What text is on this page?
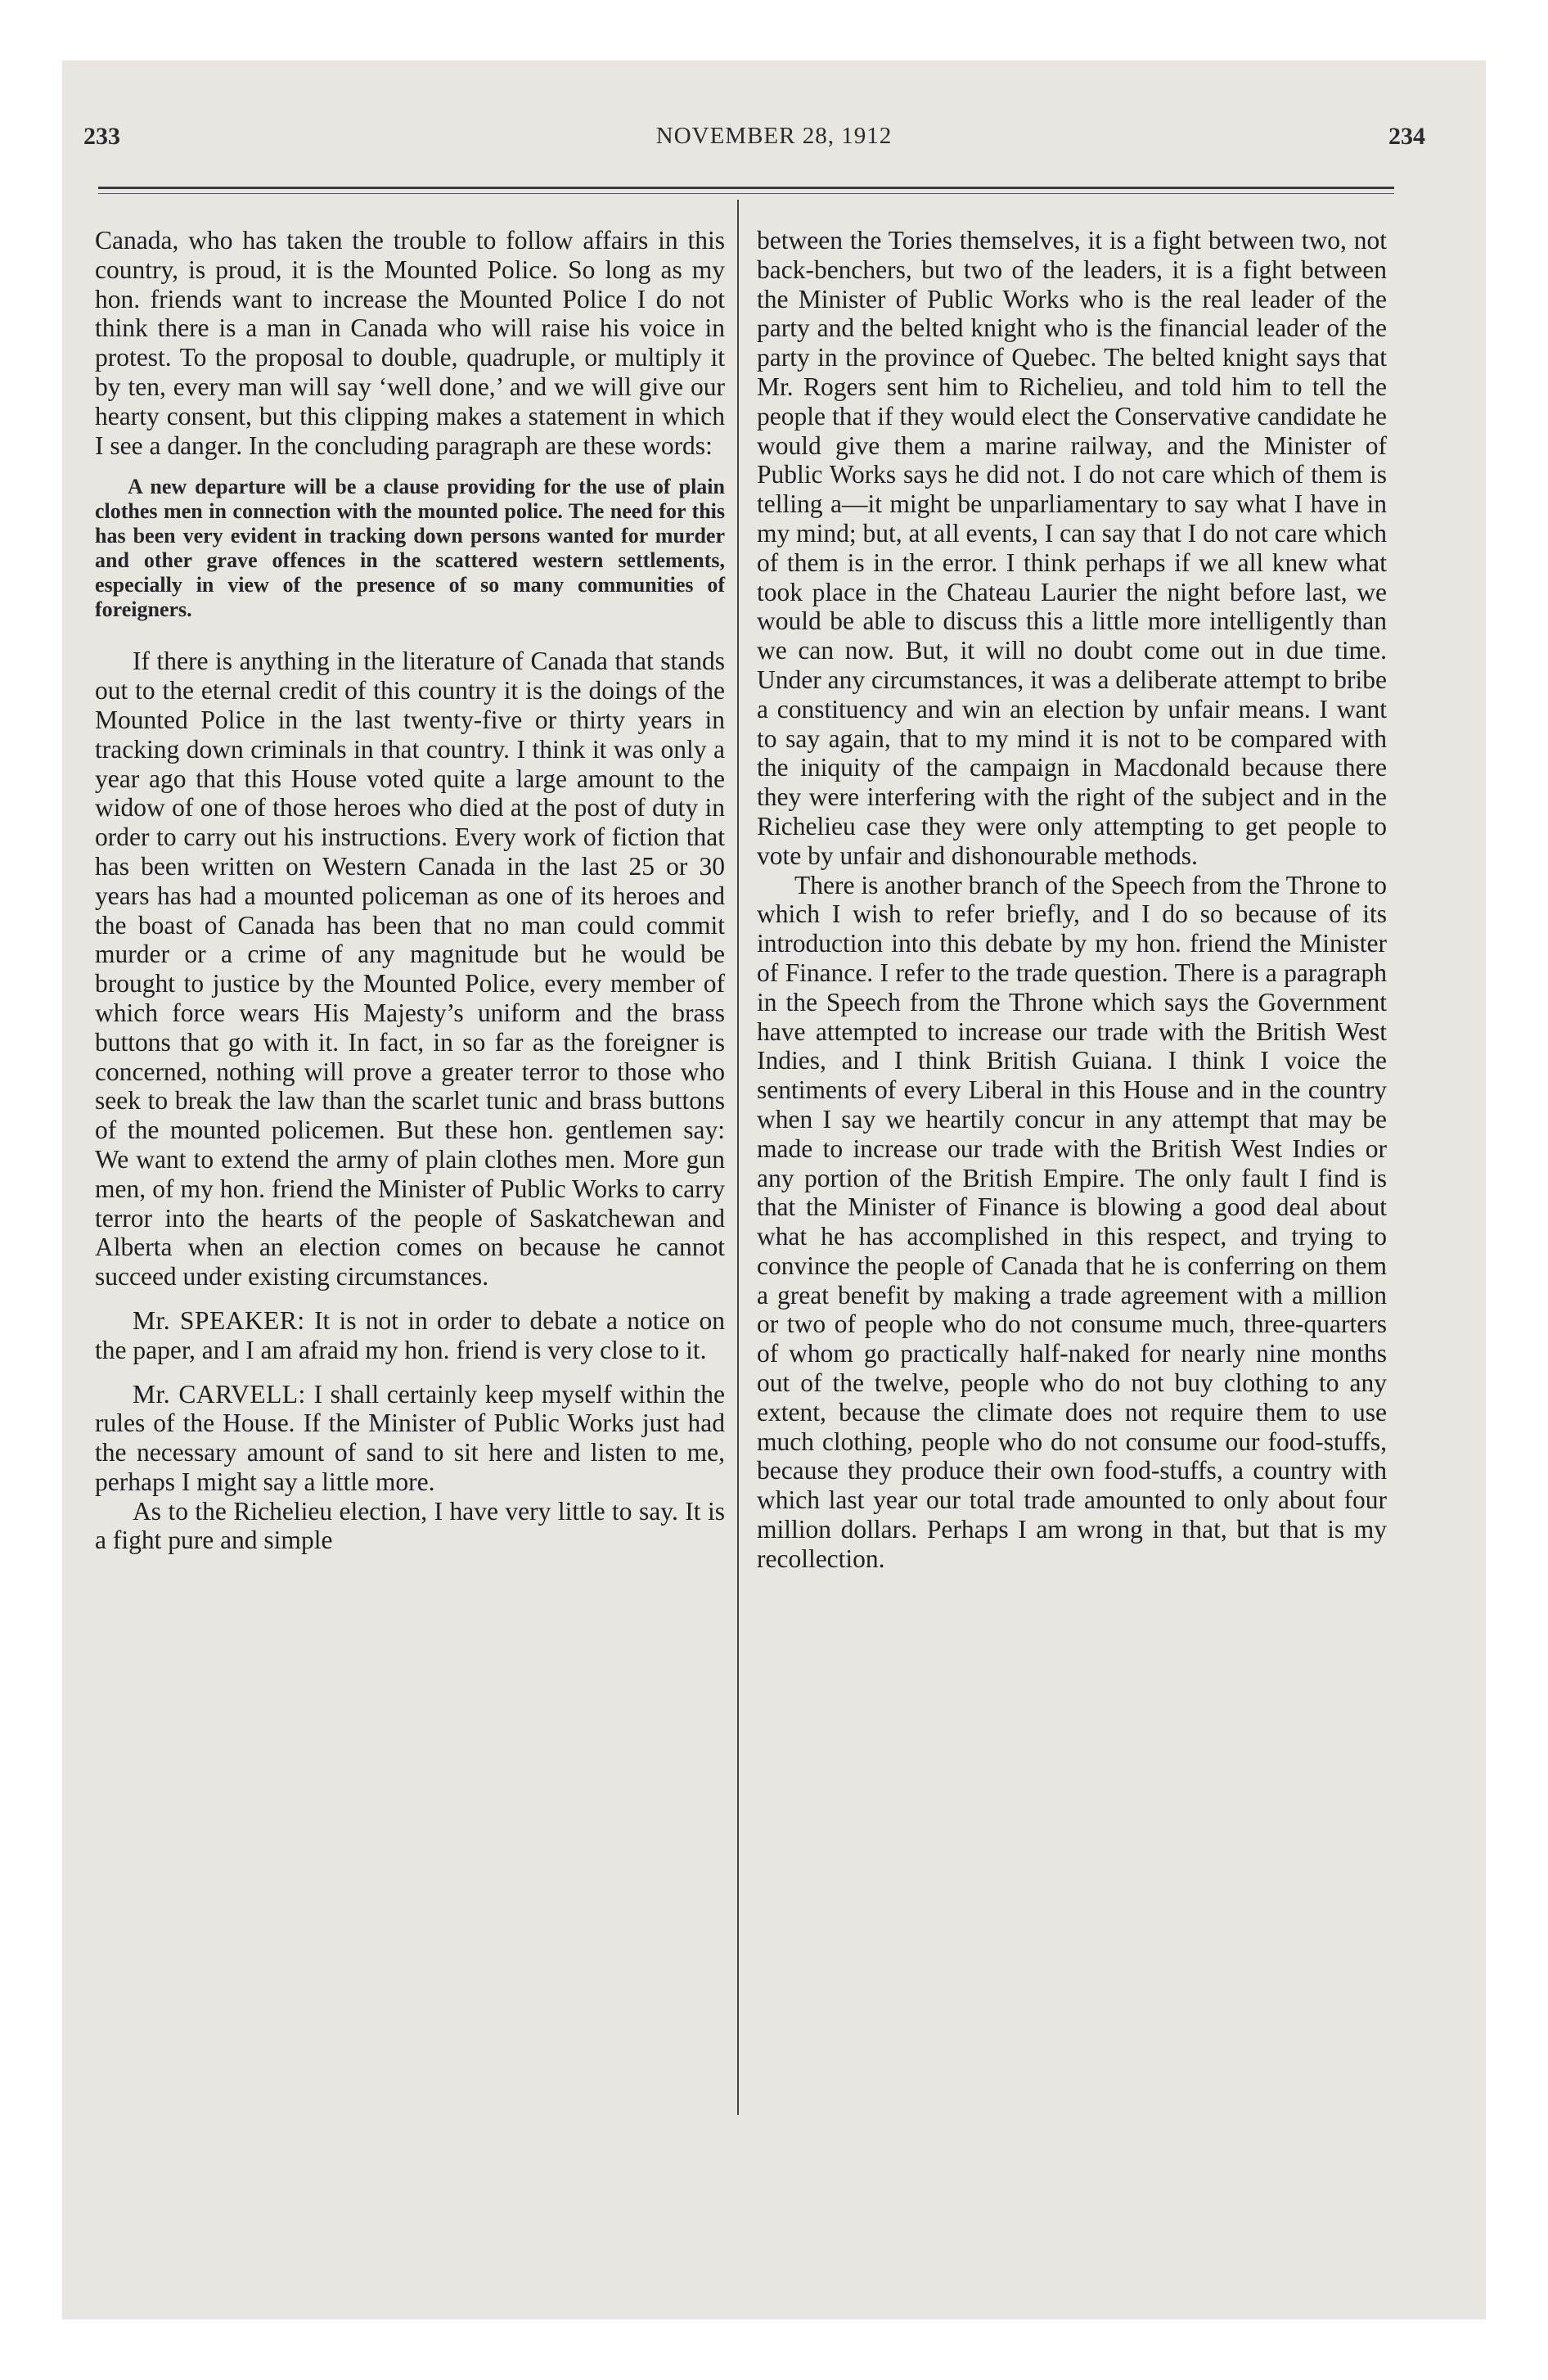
233	NOVEMBER 28, 1912	234

Canada, who has taken the trouble to follow affairs in this country, is proud, it is the Mounted Police. So long as my hon. friends want to increase the Mounted Police I do not think there is a man in Canada who will raise his voice in protest. To the proposal to double, quadruple, or multiply it by ten, every man will say ‘well done,’ and we will give our hearty consent, but this clipping makes a statement in which I see a danger. In the concluding paragraph are these words:

A new departure will be a clause providing for the use of plain clothes men in connection with the mounted police. The need for this has been very evident in tracking down persons wanted for murder and other grave offences in the scattered western settlements, especially in view of the presence of so many communities of foreigners.

If there is anything in the literature of Canada that stands out to the eternal credit of this country it is the doings of the Mounted Police in the last twenty-five or thirty years in tracking down criminals in that country. I think it was only a year ago that this House voted quite a large amount to the widow of one of those heroes who died at the post of duty in order to carry out his instructions. Every work of fiction that has been written on Western Canada in the last 25 or 30 years has had a mounted policeman as one of its heroes and the boast of Canada has been that no man could commit murder or a crime of any magnitude but he would be brought to justice by the Mounted Police, every member of which force wears His Majesty’s uniform and the brass buttons that go with it. In fact, in so far as the foreigner is concerned, nothing will prove a greater terror to those who seek to break the law than the scarlet tunic and brass buttons of the mounted policemen. But these hon. gentlemen say: We want to extend the army of plain clothes men. More gun men, of my hon. friend the Minister of Public Works to carry terror into the hearts of the people of Saskatchewan and Alberta when an election comes on because he cannot succeed under existing circumstances.

Mr. SPEAKER: It is not in order to debate a notice on the paper, and I am afraid my hon. friend is very close to it.

Mr. CARVELL: I shall certainly keep myself within the rules of the House. If the Minister of Public Works just had the necessary amount of sand to sit here and listen to me, perhaps I might say a little more.

As to the Richelieu election, I have very little to say. It is a fight pure and simple

between the Tories themselves, it is a fight between two, not back-benchers, but two of the leaders, it is a fight between the Minister of Public Works who is the real leader of the party and the belted knight who is the financial leader of the party in the province of Quebec. The belted knight says that Mr. Rogers sent him to Richelieu, and told him to tell the people that if they would elect the Conservative candidate he would give them a marine railway, and the Minister of Public Works says he did not. I do not care which of them is telling a—it might be unparliamentary to say what I have in my mind; but, at all events, I can say that I do not care which of them is in the error. I think perhaps if we all knew what took place in the Chateau Laurier the night before last, we would be able to discuss this a little more intelligently than we can now. But, it will no doubt come out in due time. Under any circumstances, it was a deliberate attempt to bribe a constituency and win an election by unfair means. I want to say again, that to my mind it is not to be compared with the iniquity of the campaign in Macdonald because there they were interfering with the right of the subject and in the Richelieu case they were only attempting to get people to vote by unfair and dishonourable methods.

There is another branch of the Speech from the Throne to which I wish to refer briefly, and I do so because of its introduction into this debate by my hon. friend the Minister of Finance. I refer to the trade question. There is a paragraph in the Speech from the Throne which says the Government have attempted to increase our trade with the British West Indies, and I think British Guiana. I think I voice the sentiments of every Liberal in this House and in the country when I say we heartily concur in any attempt that may be made to increase our trade with the British West Indies or any portion of the British Empire. The only fault I find is that the Minister of Finance is blowing a good deal about what he has accomplished in this respect, and trying to convince the people of Canada that he is conferring on them a great benefit by making a trade agreement with a million or two of people who do not consume much, three-quarters of whom go practically half-naked for nearly nine months out of the twelve, people who do not buy clothing to any extent, because the climate does not require them to use much clothing, people who do not consume our food-stuffs, because they produce their own food-stuffs, a country with which last year our total trade amounted to only about four million dollars. Perhaps I am wrong in that, but that is my recollection.
